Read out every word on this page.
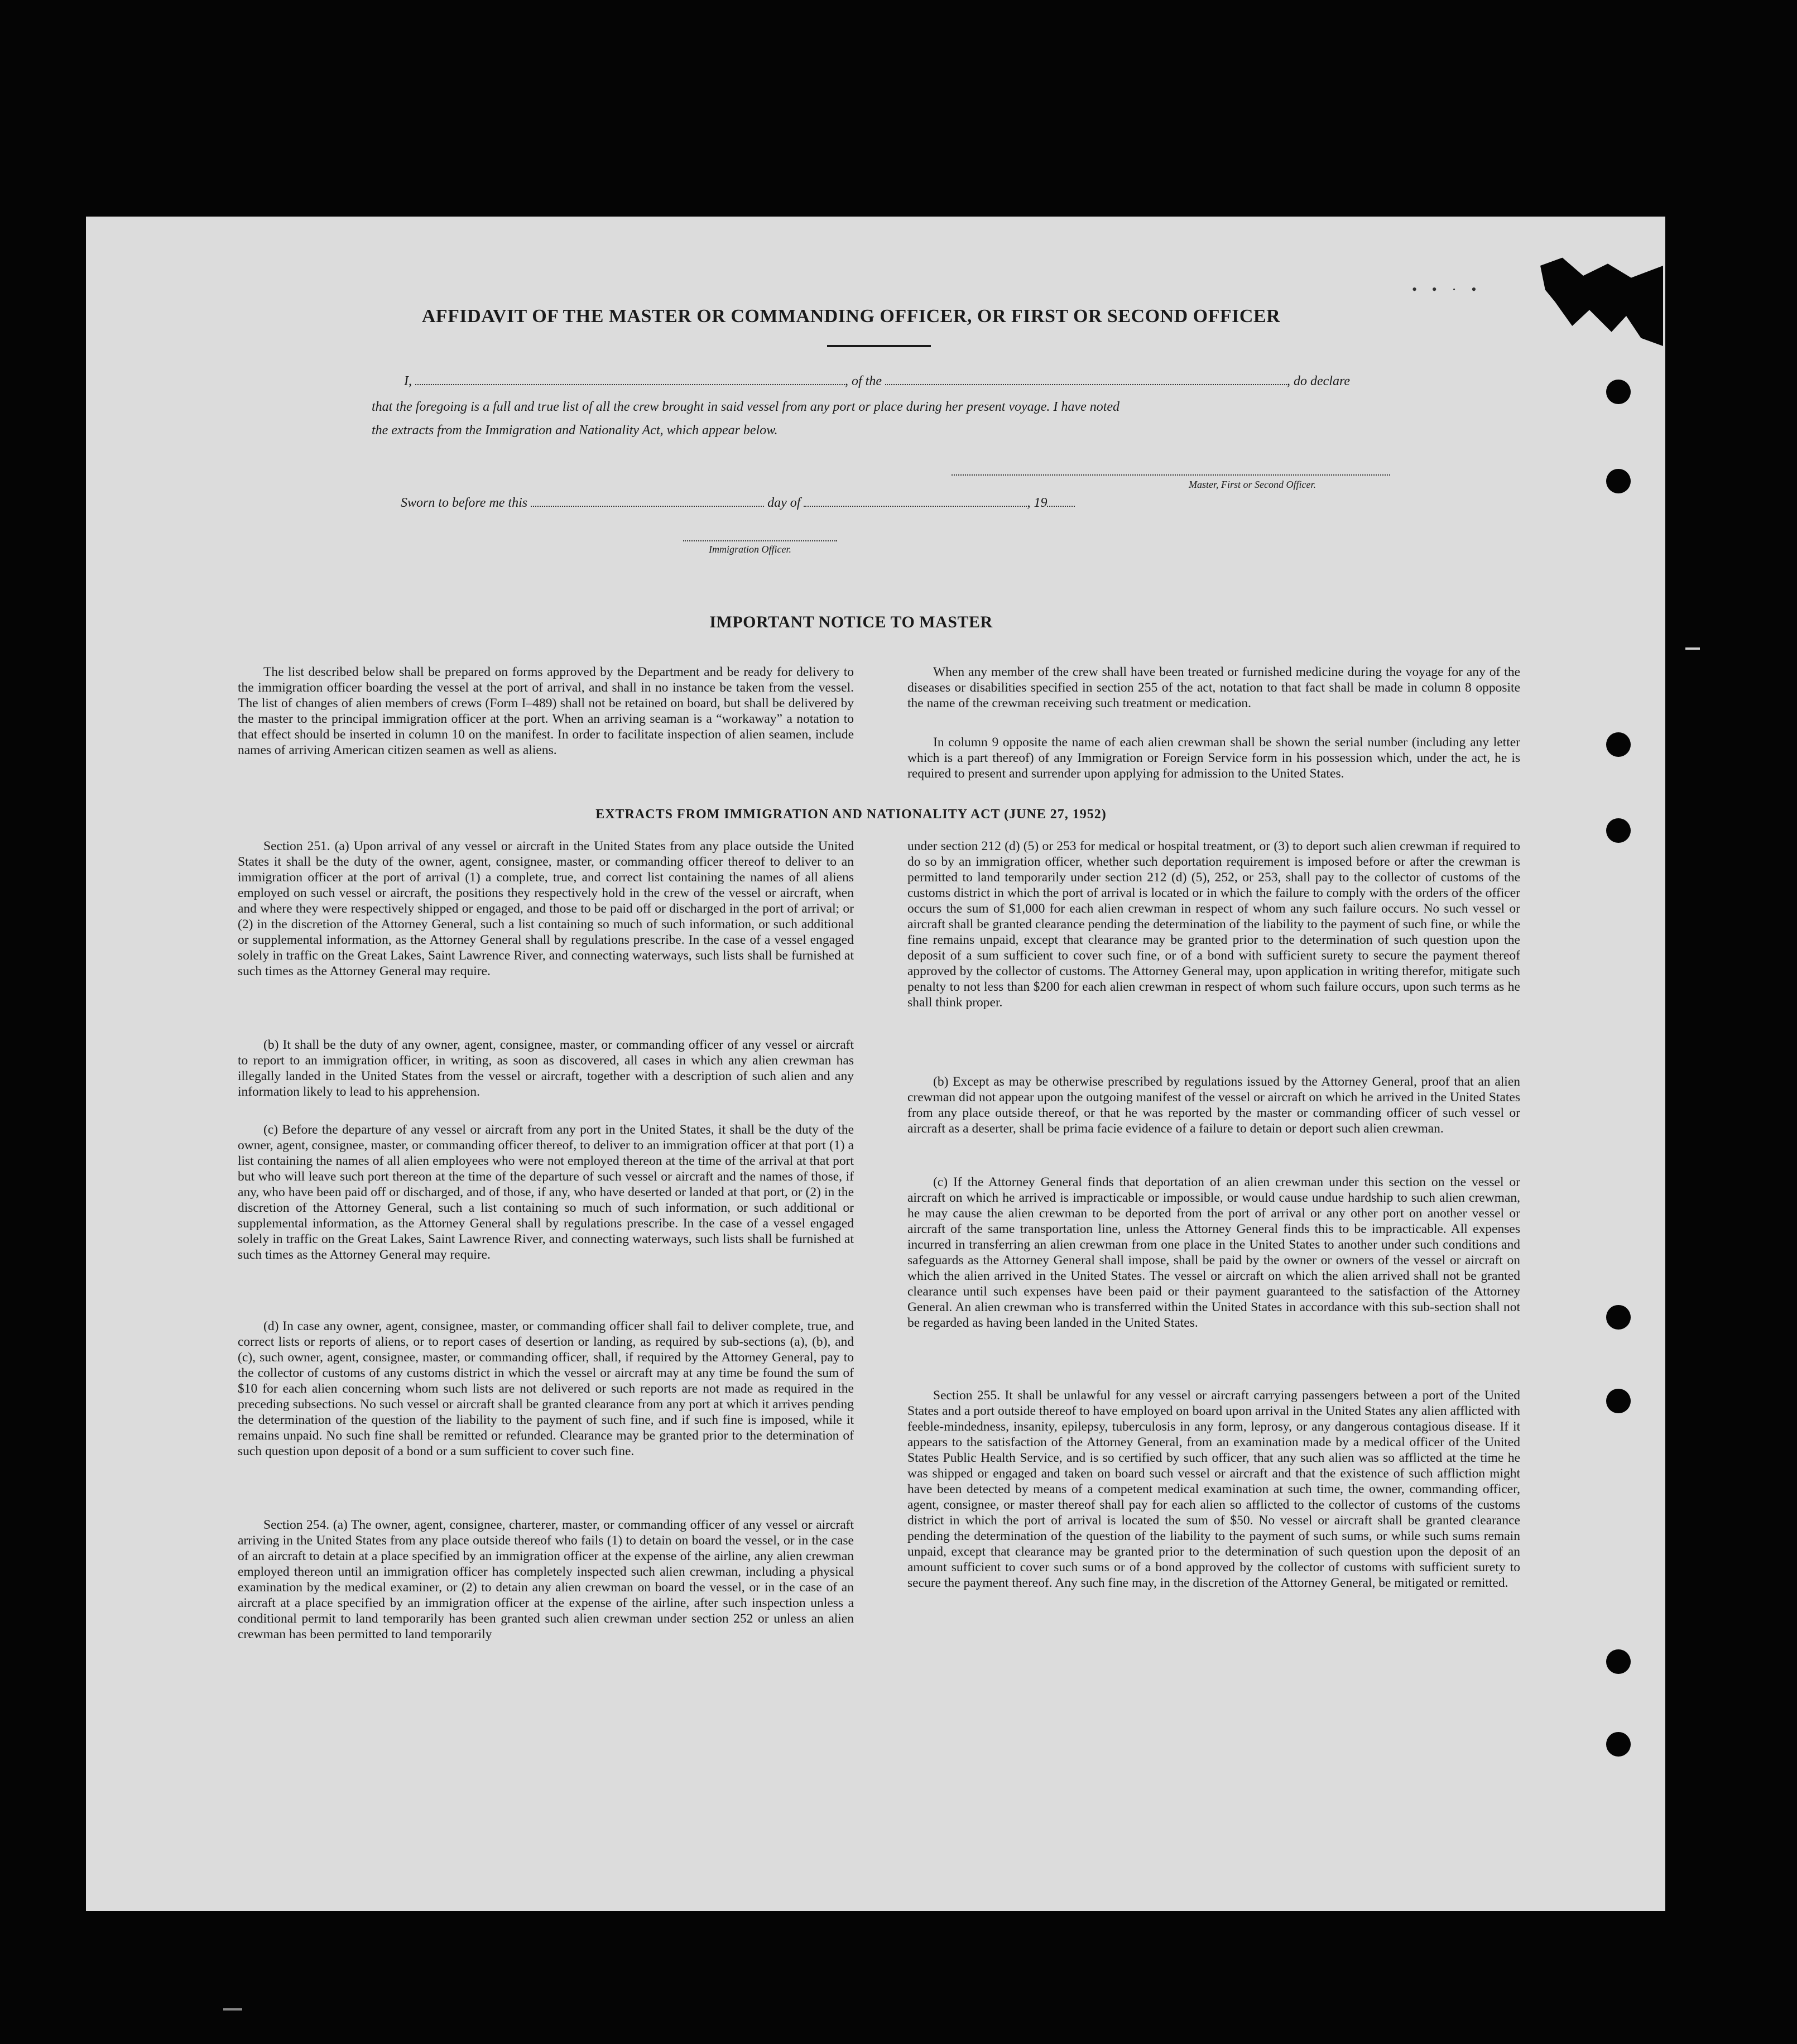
• • · •
AFFIDAVIT OF THE MASTER OR COMMANDING OFFICER, OR FIRST OR SECOND OFFICER
I,	, of the	, do declare
that the foregoing is a full and true list of all the crew brought in said vessel from any port or place during her present voyage. I have noted
the extracts from the Immigration and Nationality Act, which appear below.
Master, First or Second Officer.
Sworn to before me this	day of	, 19
Immigration Officer.
IMPORTANT NOTICE TO MASTER

The list described below shall be prepared on forms approved by the Department and be ready for delivery to the immigration officer boarding the vessel at the port of arrival, and shall in no instance be taken from the vessel. The list of changes of alien members of crews (Form I–489) shall not be retained on board, but shall be delivered by the master to the principal immigration officer at the port. When an arriving seaman is a “workaway” a notation to that effect should be inserted in column 10 on the manifest. In order to facilitate inspection of alien seamen, include names of arriving American citizen seamen as well as aliens.

When any member of the crew shall have been treated or furnished medicine during the voyage for any of the diseases or disabilities specified in section 255 of the act, notation to that fact shall be made in column 8 opposite the name of the crewman receiving such treatment or medication.

In column 9 opposite the name of each alien crewman shall be shown the serial number (including any letter which is a part thereof) of any Immigration or Foreign Service form in his possession which, under the act, he is required to present and surrender upon applying for admission to the United States.

EXTRACTS FROM IMMIGRATION AND NATIONALITY ACT (JUNE 27, 1952)

Section 251. (a) Upon arrival of any vessel or aircraft in the United States from any place outside the United States it shall be the duty of the owner, agent, consignee, master, or commanding officer thereof to deliver to an immigration officer at the port of arrival (1) a complete, true, and correct list containing the names of all aliens employed on such vessel or aircraft, the positions they respectively hold in the crew of the vessel or aircraft, when and where they were respectively shipped or engaged, and those to be paid off or discharged in the port of arrival; or (2) in the discretion of the Attorney General, such a list containing so much of such information, or such additional or supplemental information, as the Attorney General shall by regulations prescribe. In the case of a vessel engaged solely in traffic on the Great Lakes, Saint Lawrence River, and connecting waterways, such lists shall be furnished at such times as the Attorney General may require.

(b) It shall be the duty of any owner, agent, consignee, master, or commanding officer of any vessel or aircraft to report to an immigration officer, in writing, as soon as discovered, all cases in which any alien crewman has illegally landed in the United States from the vessel or aircraft, together with a description of such alien and any information likely to lead to his apprehension.

(c) Before the departure of any vessel or aircraft from any port in the United States, it shall be the duty of the owner, agent, consignee, master, or commanding officer thereof, to deliver to an immigration officer at that port (1) a list containing the names of all alien employees who were not employed thereon at the time of the arrival at that port but who will leave such port thereon at the time of the departure of such vessel or aircraft and the names of those, if any, who have been paid off or discharged, and of those, if any, who have deserted or landed at that port, or (2) in the discretion of the Attorney General, such a list containing so much of such information, or such additional or supplemental information, as the Attorney General shall by regulations prescribe. In the case of a vessel engaged solely in traffic on the Great Lakes, Saint Lawrence River, and connecting waterways, such lists shall be furnished at such times as the Attorney General may require.

(d) In case any owner, agent, consignee, master, or commanding officer shall fail to deliver complete, true, and correct lists or reports of aliens, or to report cases of desertion or landing, as required by sub-sections (a), (b), and (c), such owner, agent, consignee, master, or commanding officer, shall, if required by the Attorney General, pay to the collector of customs of any customs district in which the vessel or aircraft may at any time be found the sum of $10 for each alien concerning whom such lists are not delivered or such reports are not made as required in the preceding subsections. No such vessel or aircraft shall be granted clearance from any port at which it arrives pending the determination of the question of the liability to the payment of such fine, and if such fine is imposed, while it remains unpaid. No such fine shall be remitted or refunded. Clearance may be granted prior to the determination of such question upon deposit of a bond or a sum sufficient to cover such fine.

Section 254. (a) The owner, agent, consignee, charterer, master, or commanding officer of any vessel or aircraft arriving in the United States from any place outside thereof who fails (1) to detain on board the vessel, or in the case of an aircraft to detain at a place specified by an immigration officer at the expense of the airline, any alien crewman employed thereon until an immigration officer has completely inspected such alien crewman, including a physical examination by the medical examiner, or (2) to detain any alien crewman on board the vessel, or in the case of an aircraft at a place specified by an immigration officer at the expense of the airline, after such inspection unless a conditional permit to land temporarily has been granted such alien crewman under section 252 or unless an alien crewman has been permitted to land temporarily

under section 212 (d) (5) or 253 for medical or hospital treatment, or (3) to deport such alien crewman if required to do so by an immigration officer, whether such deportation requirement is imposed before or after the crewman is permitted to land temporarily under section 212 (d) (5), 252, or 253, shall pay to the collector of customs of the customs district in which the port of arrival is located or in which the failure to comply with the orders of the officer occurs the sum of $1,000 for each alien crewman in respect of whom any such failure occurs. No such vessel or aircraft shall be granted clearance pending the determination of the liability to the payment of such fine, or while the fine remains unpaid, except that clearance may be granted prior to the determination of such question upon the deposit of a sum sufficient to cover such fine, or of a bond with sufficient surety to secure the payment thereof approved by the collector of customs. The Attorney General may, upon application in writing therefor, mitigate such penalty to not less than $200 for each alien crewman in respect of whom such failure occurs, upon such terms as he shall think proper.

(b) Except as may be otherwise prescribed by regulations issued by the Attorney General, proof that an alien crewman did not appear upon the outgoing manifest of the vessel or aircraft on which he arrived in the United States from any place outside thereof, or that he was reported by the master or commanding officer of such vessel or aircraft as a deserter, shall be prima facie evidence of a failure to detain or deport such alien crewman.

(c) If the Attorney General finds that deportation of an alien crewman under this section on the vessel or aircraft on which he arrived is impracticable or impossible, or would cause undue hardship to such alien crewman, he may cause the alien crewman to be deported from the port of arrival or any other port on another vessel or aircraft of the same transportation line, unless the Attorney General finds this to be impracticable. All expenses incurred in transferring an alien crewman from one place in the United States to another under such conditions and safeguards as the Attorney General shall impose, shall be paid by the owner or owners of the vessel or aircraft on which the alien arrived in the United States. The vessel or aircraft on which the alien arrived shall not be granted clearance until such expenses have been paid or their payment guaranteed to the satisfaction of the Attorney General. An alien crewman who is transferred within the United States in accordance with this sub-section shall not be regarded as having been landed in the United States.

Section 255. It shall be unlawful for any vessel or aircraft carrying passengers between a port of the United States and a port outside thereof to have employed on board upon arrival in the United States any alien afflicted with feeble-mindedness, insanity, epilepsy, tuberculosis in any form, leprosy, or any dangerous contagious disease. If it appears to the satisfaction of the Attorney General, from an examination made by a medical officer of the United States Public Health Service, and is so certified by such officer, that any such alien was so afflicted at the time he was shipped or engaged and taken on board such vessel or aircraft and that the existence of such affliction might have been detected by means of a competent medical examination at such time, the owner, commanding officer, agent, consignee, or master thereof shall pay for each alien so afflicted to the collector of customs of the customs district in which the port of arrival is located the sum of $50. No vessel or aircraft shall be granted clearance pending the determination of the question of the liability to the payment of such sums, or while such sums remain unpaid, except that clearance may be granted prior to the determination of such question upon the deposit of an amount sufficient to cover such sums or of a bond approved by the collector of customs with sufficient surety to secure the payment thereof. Any such fine may, in the discretion of the Attorney General, be mitigated or remitted.
